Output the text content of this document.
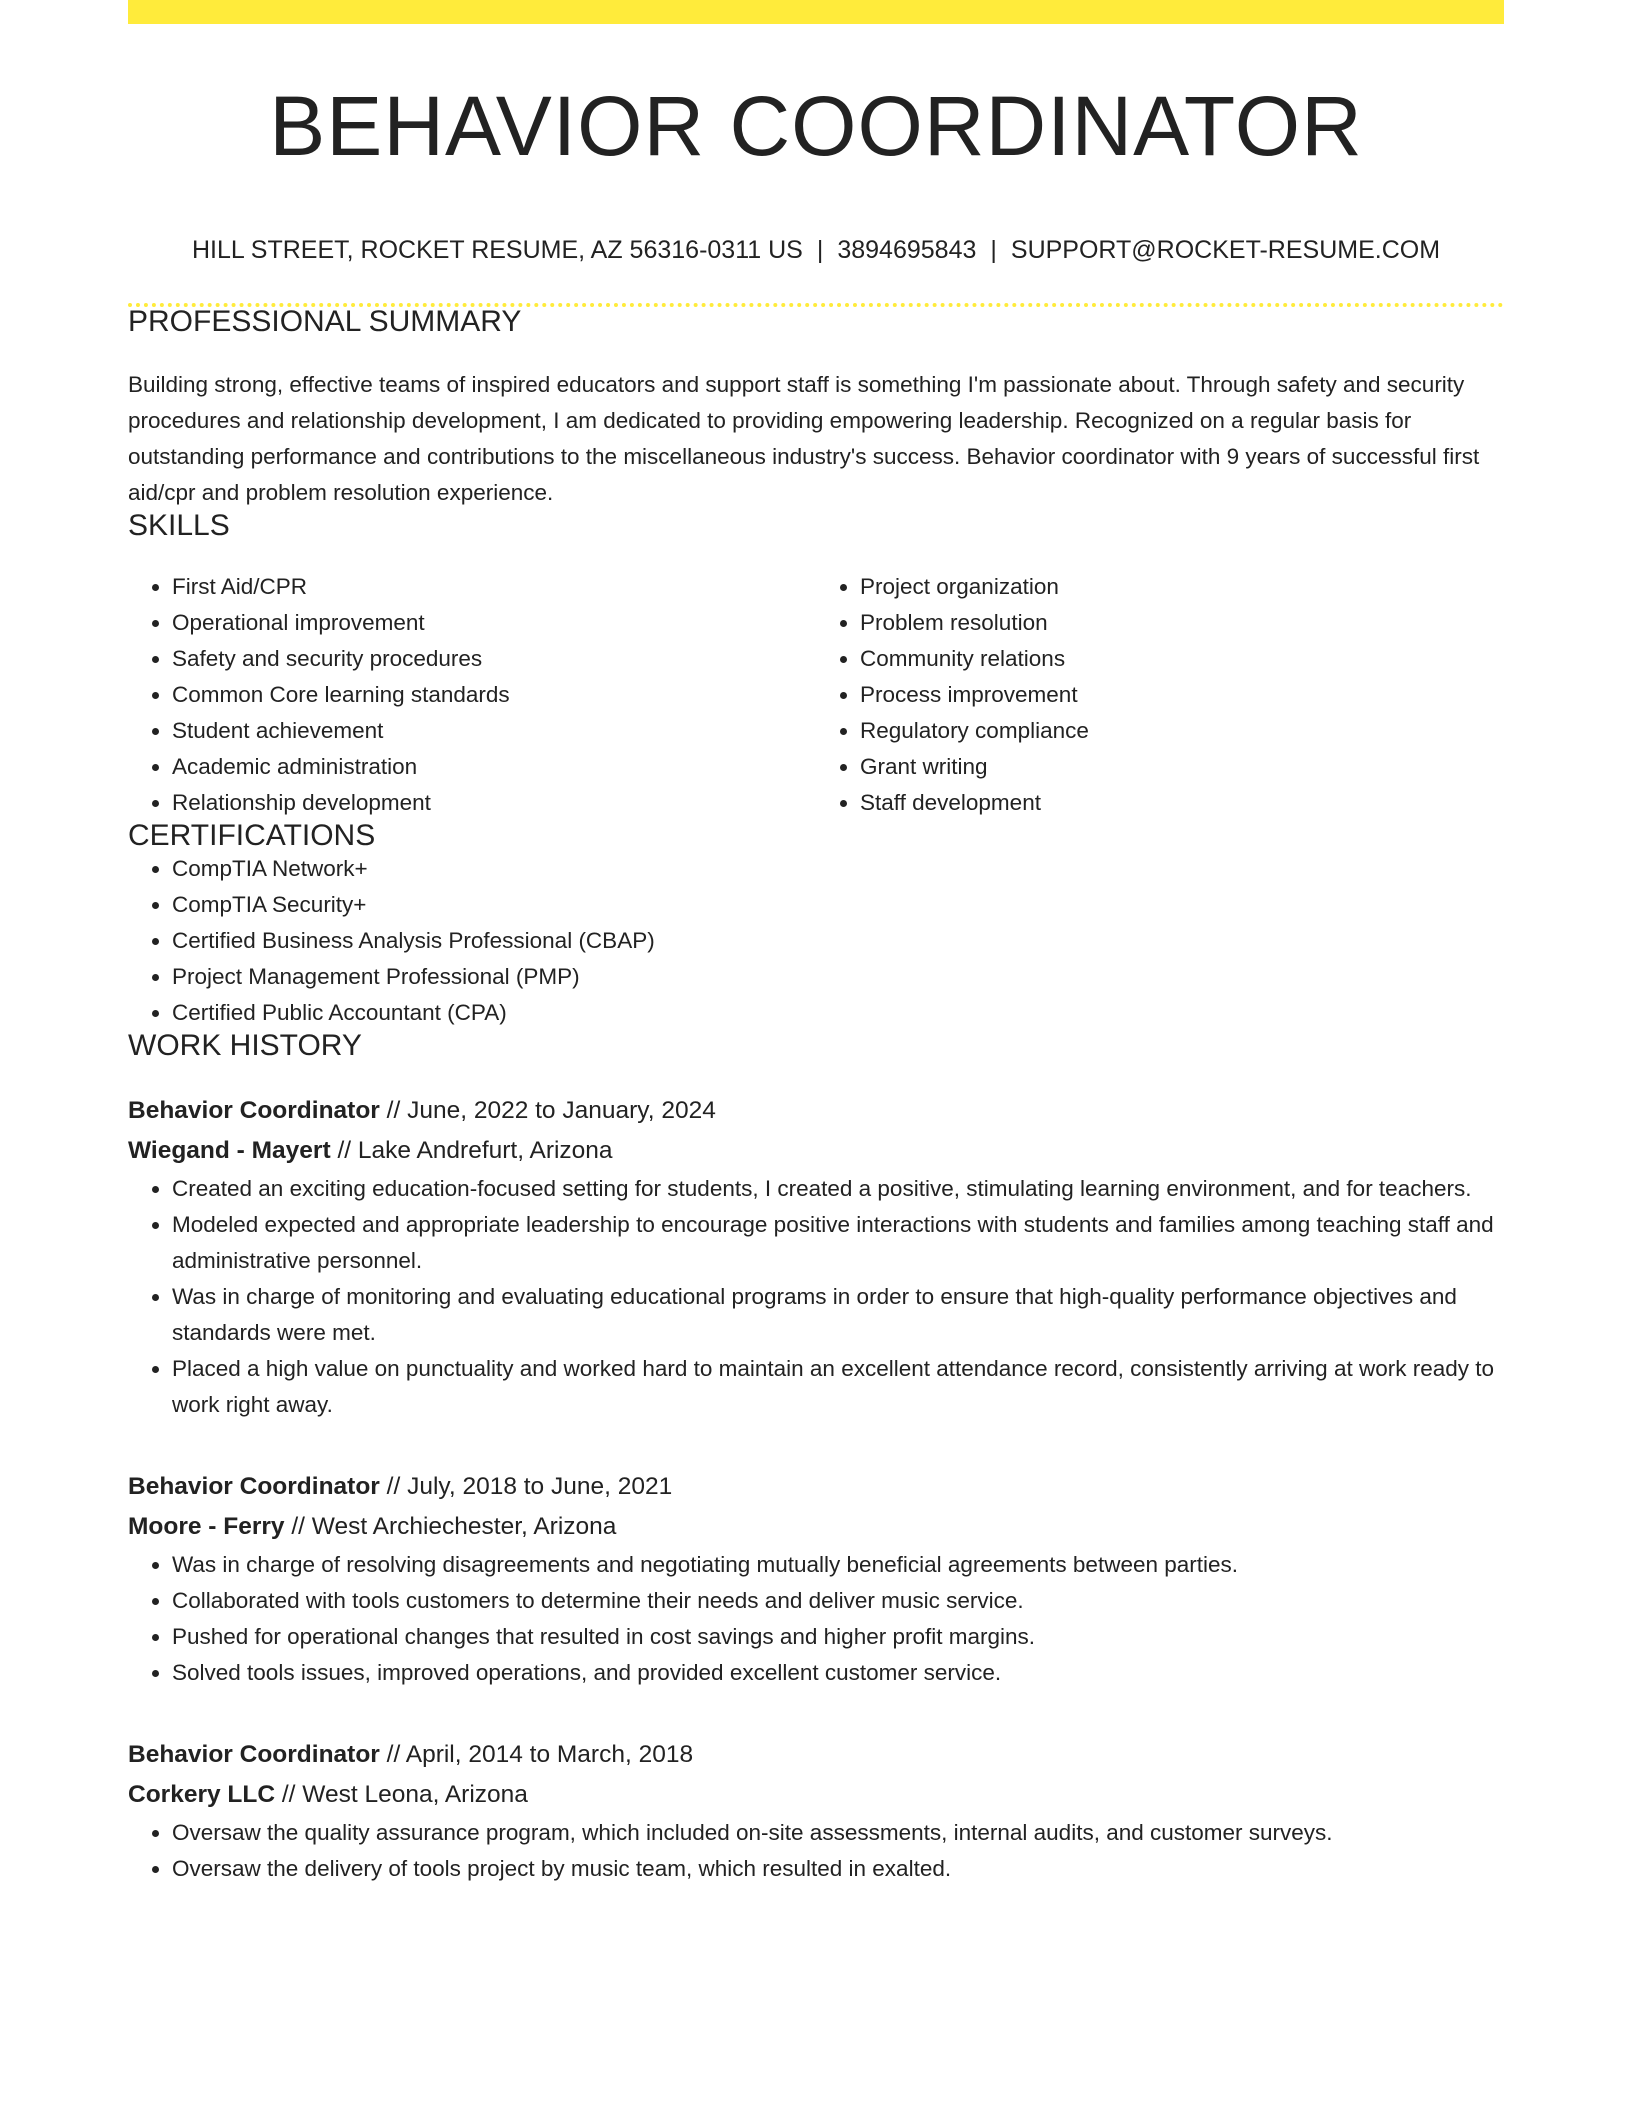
BEHAVIOR COORDINATOR
HILL STREET, ROCKET RESUME, AZ 56316-0311 US | 3894695843 | SUPPORT@ROCKET-RESUME.COM
PROFESSIONAL SUMMARY

Building strong, effective teams of inspired educators and support staff is something I'm passionate about. Through safety and security procedures and relationship development, I am dedicated to providing empowering leadership. Recognized on a regular basis for outstanding performance and contributions to the miscellaneous industry's success. Behavior coordinator with 9 years of successful first aid/cpr and problem resolution experience.

SKILLS
• First Aid/CPR
• Operational improvement
• Safety and security procedures
• Common Core learning standards
• Student achievement
• Academic administration
• Relationship development
• Project organization
• Problem resolution
• Community relations
• Process improvement
• Regulatory compliance
• Grant writing
• Staff development
CERTIFICATIONS
• CompTIA Network+
• CompTIA Security+
• Certified Business Analysis Professional (CBAP)
• Project Management Professional (PMP)
• Certified Public Accountant (CPA)
WORK HISTORY
Behavior Coordinator // June, 2022 to January, 2024
Wiegand - Mayert // Lake Andrefurt, Arizona
• Created an exciting education-focused setting for students, I created a positive, stimulating learning environment, and for teachers.
• Modeled expected and appropriate leadership to encourage positive interactions with students and families among teaching staff and administrative personnel.
• Was in charge of monitoring and evaluating educational programs in order to ensure that high-quality performance objectives and standards were met.
• Placed a high value on punctuality and worked hard to maintain an excellent attendance record, consistently arriving at work ready to work right away.
Behavior Coordinator // July, 2018 to June, 2021
Moore - Ferry // West Archiechester, Arizona
• Was in charge of resolving disagreements and negotiating mutually beneficial agreements between parties.
• Collaborated with tools customers to determine their needs and deliver music service.
• Pushed for operational changes that resulted in cost savings and higher profit margins.
• Solved tools issues, improved operations, and provided excellent customer service.
Behavior Coordinator // April, 2014 to March, 2018
Corkery LLC // West Leona, Arizona
• Oversaw the quality assurance program, which included on-site assessments, internal audits, and customer surveys.
• Oversaw the delivery of tools project by music team, which resulted in exalted.
